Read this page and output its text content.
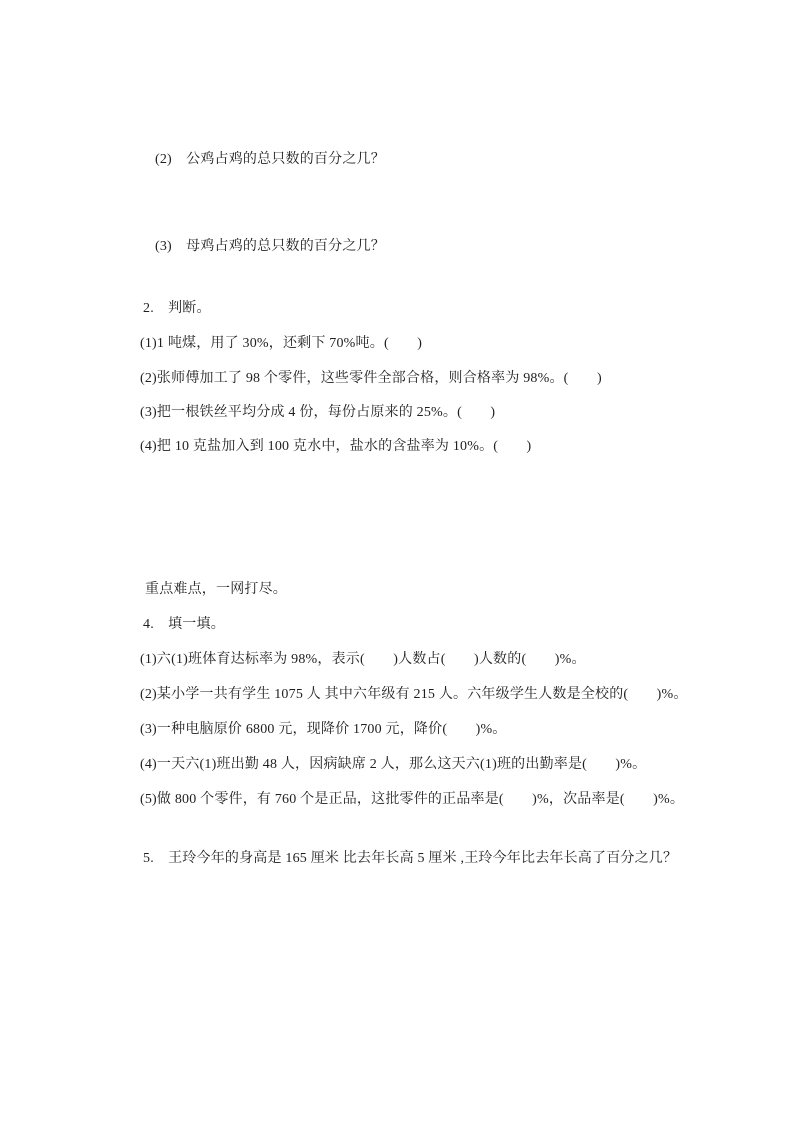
(2)　公鸡占鸡的总只数的百分之几？
(3)　母鸡占鸡的总只数的百分之几？
2.　判断。
(1)1 吨煤，用了 30%，还剩下 70%吨。(　　)
(2)张师傅加工了 98 个零件，这些零件全部合格，则合格率为 98%。(　　)
(3)把一根铁丝平均分成 4 份，每份占原来的 25%。(　　)
(4)把 10 克盐加入到 100 克水中，盐水的含盐率为 10%。(　　)
重点难点，一网打尽。
4.　填一填。
(1)六(1)班体育达标率为 98%，表示(　　)人数占(　　)人数的(　　)%。
(2)某小学一共有学生 1075 人 其中六年级有 215 人。六年级学生人数是全校的(　　)%。
(3)一种电脑原价 6800 元，现降价 1700 元，降价(　　)%。
(4)一天六(1)班出勤 48 人，因病缺席 2 人，那么这天六(1)班的出勤率是(　　)%。
(5)做 800 个零件，有 760 个是正品，这批零件的正品率是(　　)%，次品率是(　　)%。
5.　王玲今年的身高是 165 厘米 比去年长高 5 厘米 ,王玲今年比去年长高了百分之几？
